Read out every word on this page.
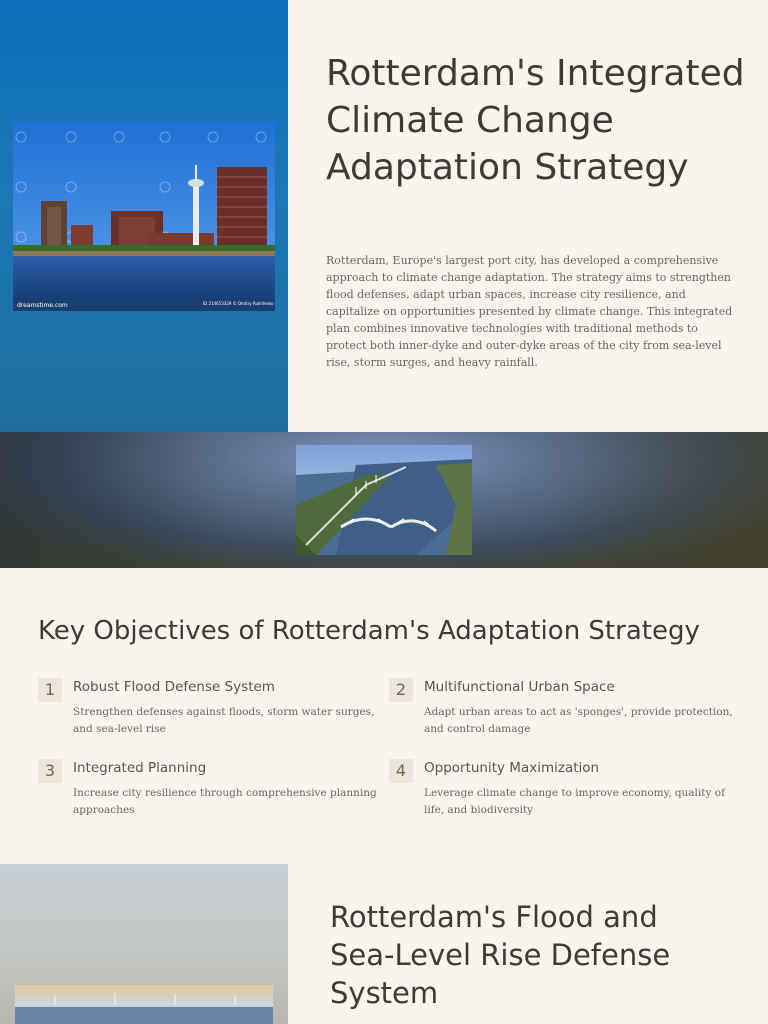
dreamstime.com	ID 214653329 © Dmitry Rukhlenko
Rotterdam's Integrated Climate Change Adaptation Strategy

Rotterdam, Europe's largest port city, has developed a comprehensive approach to climate change adaptation. The strategy aims to strengthen flood defenses, adapt urban spaces, increase city resilience, and capitalize on opportunities presented by climate change. This integrated plan combines innovative technologies with traditional methods to protect both inner-dyke and outer-dyke areas of the city from sea-level rise, storm surges, and heavy rainfall.

Key Objectives of Rotterdam's Adaptation Strategy
1	Robust Flood Defense System
Strengthen defenses against floods, storm water surges, and sea-level rise
2	Multifunctional Urban Space
Adapt urban areas to act as 'sponges', provide protection, and control damage
3	Integrated Planning
Increase city resilience through comprehensive planning approaches
4	Opportunity Maximization
Leverage climate change to improve economy, quality of life, and biodiversity
Rotterdam's Flood and Sea-Level Rise Defense System
